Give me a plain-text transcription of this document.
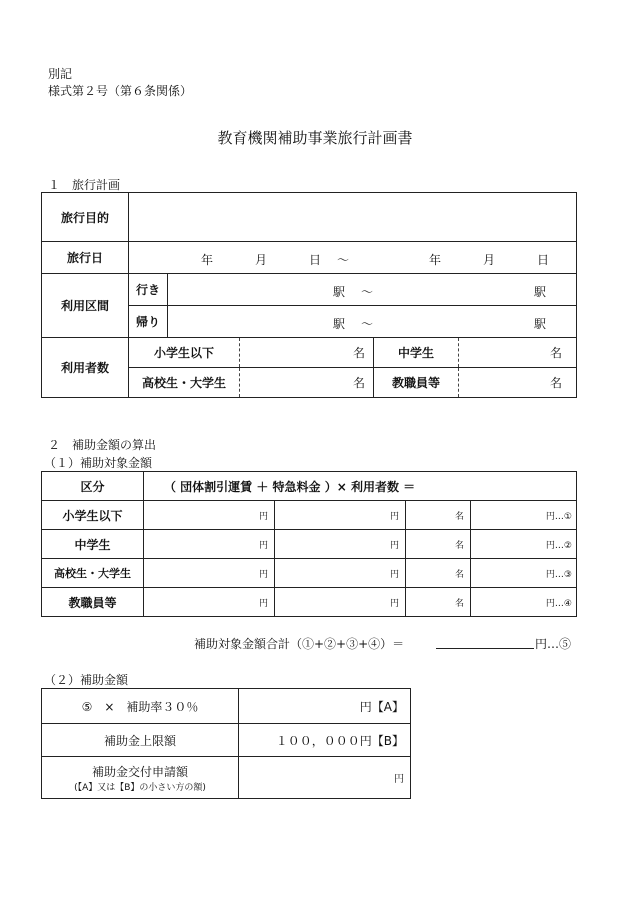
別記
様式第２号（第６条関係）
教育機関補助事業旅行計画書
１　旅行計画
旅行目的	
旅行日	年	月	日 ～	年	月	日

利用区間	行き	駅 ～	駅

帰り	駅 ～	駅

利用者数	
小学生以下	名	中学生	名

高校生・大学生	名	教職員等	名
２　補助金額の算出
（１）補助対象金額
区分	（ 団体割引運賃 ＋ 特急料金 ）× 利用者数 ＝			
小学生以下	円	円	名	円…①
中学生	円	円	名	円…②
高校生・大学生	円	円	名	円…③
教職員等	円	円	名	円…④
補助対象金額合計（①+②+③+④）＝	円…⑤
（２）補助金額
⑤　×　補助率３０％	円【A】
補助金上限額	１００，０００円【B】

補助金交付申請額
(【A】又は【B】の小さい方の額)	円
